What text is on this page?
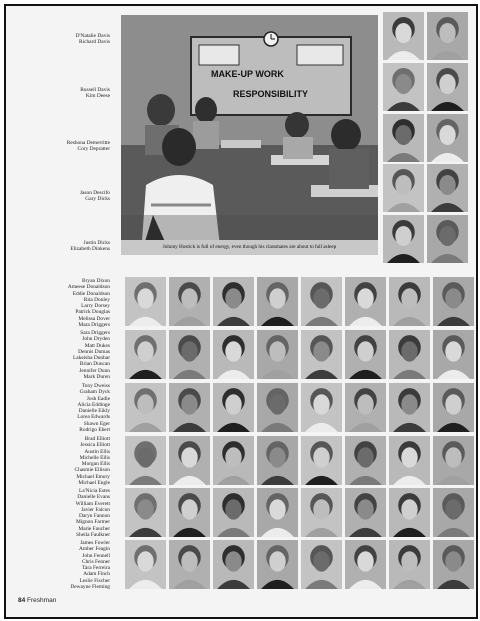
D'Natalie Davis
Richard Davis
Russell Davis
Kim Deese
Reshona Demerritte
Cory Depratter
Jason Descifo
Gary Dicks
Justin Dicks
Elizabeth Dinkens
Bryan Dixon
Ameese Donaldson
Eddie Donaldson
Rita Donley
Larry Dorsey
Patrick Douglas
Melissa Dover
Mara Driggers
Sara Driggers
John Dryden
Matt Dukes
Dennis Dumas
Lakeisha Dunbar
Brian Duncan
Jennifer Dunn
Mark Duren
Tony Dweiss
Graham Dyck
Josh Eadie
Alicia Eddinge
Danielle Eikly
Lorea Edwards
Shawn Eger
Rodrigo Ebert
Brad Elliott
Jessica Elliott
Austin Ellis
Michelle Ellis
Morgan Ellis
Chasmie Ellison
Michael Emory
Michael Engle
La'Nicia Estes
Danielle Evans
William Everett
Javier Falcon
Daryn Fannon
Mignon Farmer
Marie Faucher
Sheila Faulkner
James Fowler
Amber Feagin
John Fennell
Chris Fenner
Tara Ferreira
Adam Finch
Leslie Fischer
Dewayne Fleming
MAKE-UP WORK
RESPONSIBILITY
Johnny Hostick is full of energy, even though his classmates are about to fall asleep
84 Freshman
